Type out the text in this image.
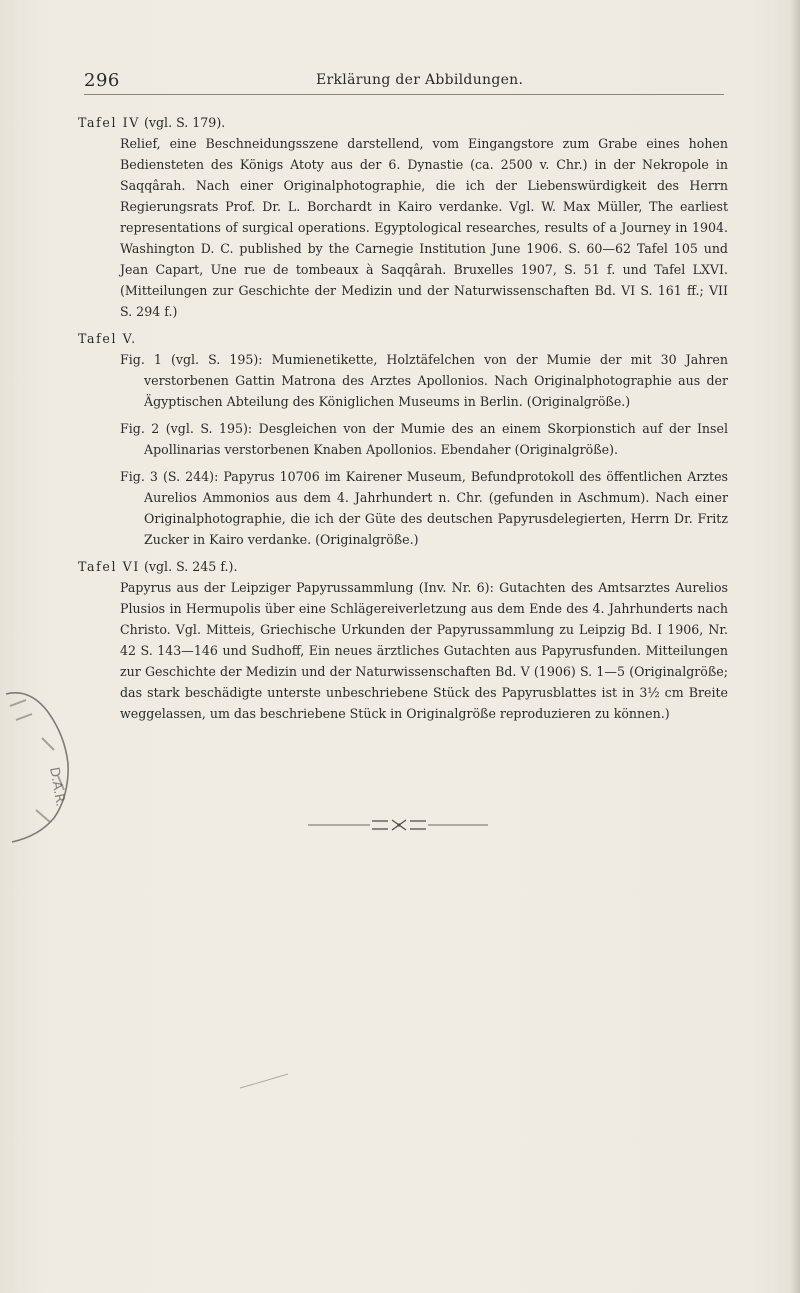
296	Erklärung der Abbildungen.
Tafel IV (vgl. S. 179).
Relief, eine Beschneidungsszene darstellend, vom Eingangstore zum Grabe eines hohen Bediensteten des Königs Atoty aus der 6. Dynastie (ca. 2500 v. Chr.) in der Nekropole in Saqqârah. Nach einer Originalphotographie, die ich der Liebenswürdigkeit des Herrn Regierungsrats Prof. Dr. L. Borchardt in Kairo verdanke. Vgl. W. Max Müller, The earliest representations of surgical operations. Egyptological researches, results of a Journey in 1904. Washington D. C. published by the Carnegie Institution June 1906. S. 60—62 Tafel 105 und Jean Capart, Une rue de tombeaux à Saqqârah. Bruxelles 1907, S. 51 f. und Tafel LXVI. (Mitteilungen zur Geschichte der Medizin und der Naturwissenschaften Bd. VI S. 161 ff.; VII S. 294 f.)
Tafel V.
Fig. 1 (vgl. S. 195): Mumienetikette, Holztäfelchen von der Mumie der mit 30 Jahren verstorbenen Gattin Matrona des Arztes Apollonios. Nach Originalphotographie aus der Ägyptischen Abteilung des Königlichen Museums in Berlin. (Originalgröße.)
Fig. 2 (vgl. S. 195): Desgleichen von der Mumie des an einem Skorpionstich auf der Insel Apollinarias verstorbenen Knaben Apollonios. Ebendaher (Originalgröße).
Fig. 3 (S. 244): Papyrus 10706 im Kairener Museum, Befundprotokoll des öffentlichen Arztes Aurelios Ammonios aus dem 4. Jahrhundert n. Chr. (gefunden in Aschmum). Nach einer Originalphotographie, die ich der Güte des deutschen Papyrusdelegierten, Herrn Dr. Fritz Zucker in Kairo verdanke. (Originalgröße.)
Tafel VI (vgl. S. 245 f.).
Papyrus aus der Leipziger Papyrussammlung (Inv. Nr. 6): Gutachten des Amtsarztes Aurelios Plusios in Hermupolis über eine Schlägereiverletzung aus dem Ende des 4. Jahrhunderts nach Christo. Vgl. Mitteis, Griechische Urkunden der Papyrussammlung zu Leipzig Bd. I 1906, Nr. 42 S. 143—146 und Sudhoff, Ein neues ärztliches Gutachten aus Papyrusfunden. Mitteilungen zur Geschichte der Medizin und der Naturwissenschaften Bd. V (1906) S. 1—5 (Originalgröße; das stark beschädigte unterste unbeschriebene Stück des Papyrusblattes ist in 3½ cm Breite weggelassen, um das beschriebene Stück in Originalgröße reproduzieren zu können.)
D.A.R.
